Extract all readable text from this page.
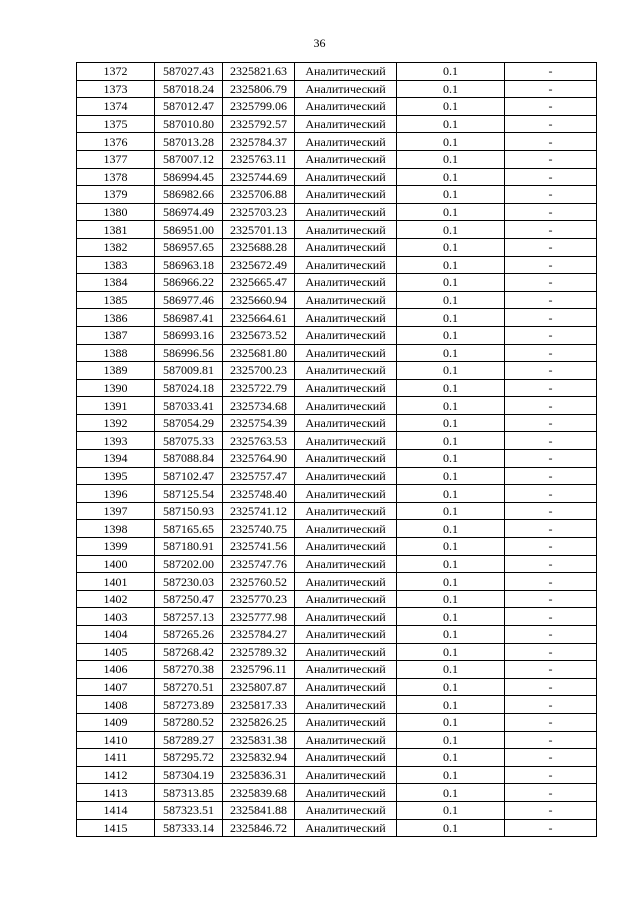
36
1372	587027.43	2325821.63	Аналитический	0.1	-
1373	587018.24	2325806.79	Аналитический	0.1	-
1374	587012.47	2325799.06	Аналитический	0.1	-
1375	587010.80	2325792.57	Аналитический	0.1	-
1376	587013.28	2325784.37	Аналитический	0.1	-
1377	587007.12	2325763.11	Аналитический	0.1	-
1378	586994.45	2325744.69	Аналитический	0.1	-
1379	586982.66	2325706.88	Аналитический	0.1	-
1380	586974.49	2325703.23	Аналитический	0.1	-
1381	586951.00	2325701.13	Аналитический	0.1	-
1382	586957.65	2325688.28	Аналитический	0.1	-
1383	586963.18	2325672.49	Аналитический	0.1	-
1384	586966.22	2325665.47	Аналитический	0.1	-
1385	586977.46	2325660.94	Аналитический	0.1	-
1386	586987.41	2325664.61	Аналитический	0.1	-
1387	586993.16	2325673.52	Аналитический	0.1	-
1388	586996.56	2325681.80	Аналитический	0.1	-
1389	587009.81	2325700.23	Аналитический	0.1	-
1390	587024.18	2325722.79	Аналитический	0.1	-
1391	587033.41	2325734.68	Аналитический	0.1	-
1392	587054.29	2325754.39	Аналитический	0.1	-
1393	587075.33	2325763.53	Аналитический	0.1	-
1394	587088.84	2325764.90	Аналитический	0.1	-
1395	587102.47	2325757.47	Аналитический	0.1	-
1396	587125.54	2325748.40	Аналитический	0.1	-
1397	587150.93	2325741.12	Аналитический	0.1	-
1398	587165.65	2325740.75	Аналитический	0.1	-
1399	587180.91	2325741.56	Аналитический	0.1	-
1400	587202.00	2325747.76	Аналитический	0.1	-
1401	587230.03	2325760.52	Аналитический	0.1	-
1402	587250.47	2325770.23	Аналитический	0.1	-
1403	587257.13	2325777.98	Аналитический	0.1	-
1404	587265.26	2325784.27	Аналитический	0.1	-
1405	587268.42	2325789.32	Аналитический	0.1	-
1406	587270.38	2325796.11	Аналитический	0.1	-
1407	587270.51	2325807.87	Аналитический	0.1	-
1408	587273.89	2325817.33	Аналитический	0.1	-
1409	587280.52	2325826.25	Аналитический	0.1	-
1410	587289.27	2325831.38	Аналитический	0.1	-
1411	587295.72	2325832.94	Аналитический	0.1	-
1412	587304.19	2325836.31	Аналитический	0.1	-
1413	587313.85	2325839.68	Аналитический	0.1	-
1414	587323.51	2325841.88	Аналитический	0.1	-
1415	587333.14	2325846.72	Аналитический	0.1	-
